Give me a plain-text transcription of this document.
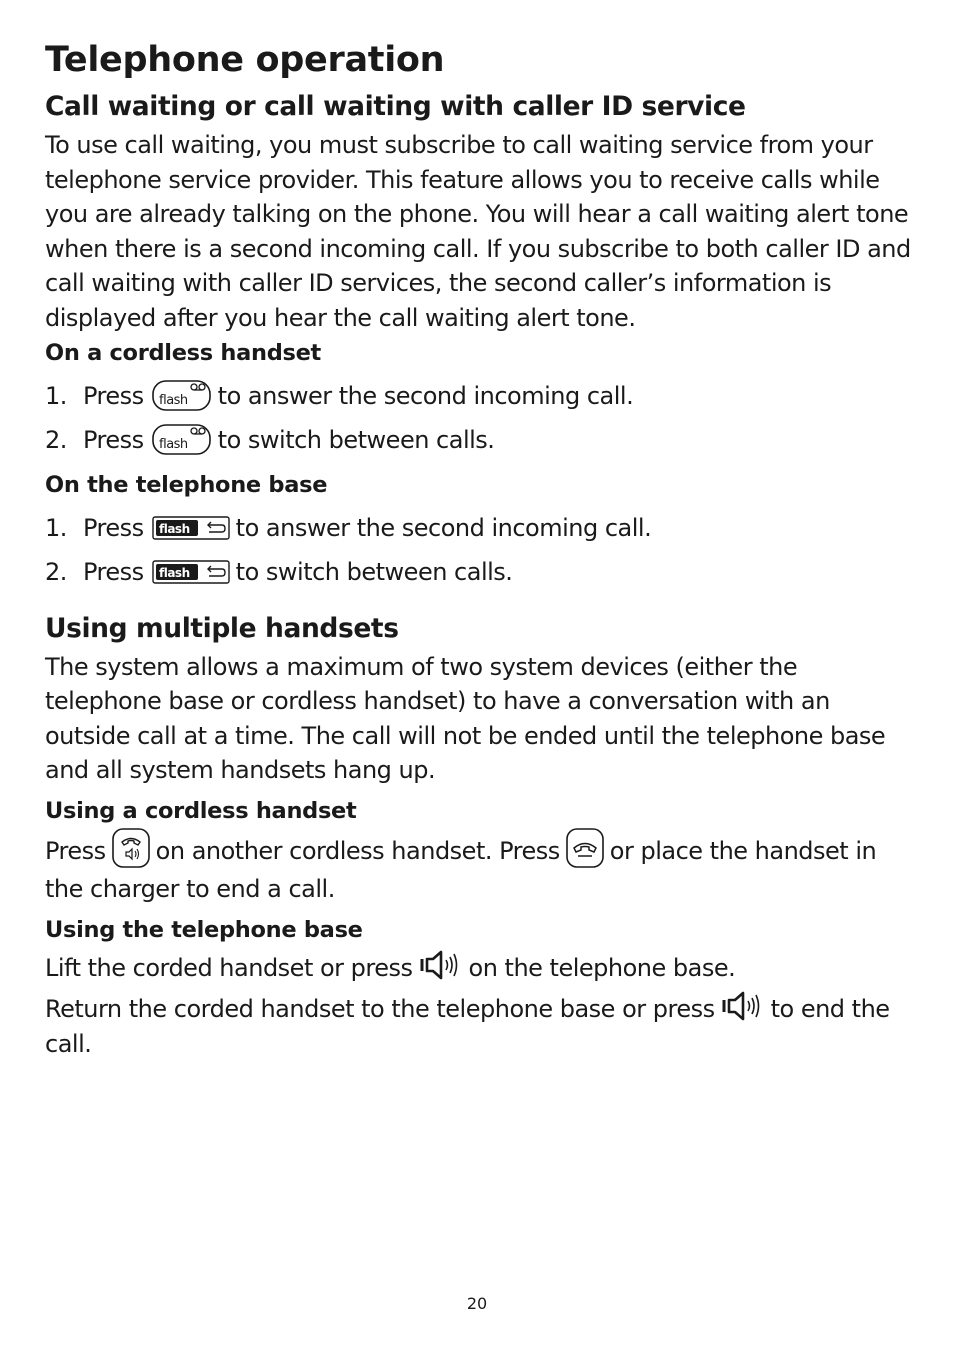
Telephone operation
Call waiting or call waiting with caller ID service

To use call waiting, you must subscribe to call waiting service from your telephone service provider. This feature allows you to receive calls while you are already talking on the phone. You will hear a call waiting alert tone when there is a second incoming call. If you subscribe to both caller ID and call waiting with caller ID services, the second caller’s information is displayed after you hear the call waiting alert tone.

On a cordless handset
1. Press flash to answer the second incoming call.
2. Press flash to switch between calls.
On the telephone base
1. Press flash to answer the second incoming call.
2. Press flash to switch between calls.
Using multiple handsets

The system allows a maximum of two system devices (either the telephone base or cordless handset) to have a conversation with an outside call at a time. The call will not be ended until the telephone base and all system handsets hang up.

Using a cordless handset

Press on another cordless handset. Press or place the handset in the charger to end a call.

Using the telephone base

Lift the corded handset or press on the telephone base.

Return the corded handset to the telephone base or press to end the call.

20
